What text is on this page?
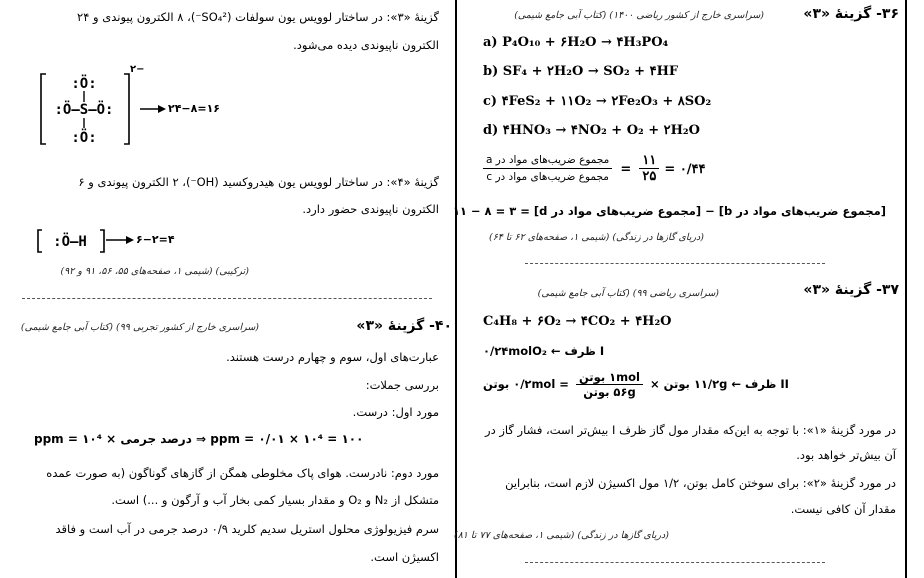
۳۶- گزینهٔ «۳»
(سراسری خارج از کشور ریاضی ۱۴۰۰) (کتاب آبی جامع شیمی)
a) P₄O₁₀ + ۶H₂O → ۴H₃PO₄
b) SF₄ + ۲H₂O → SO₂ + ۴HF
c) ۴FeS₂ + ۱۱O₂ → ۲Fe₂O₃ + ۸SO₂
d) ۴HNO₃ → ۴NO₂ + O₂ + ۲H₂O
$\frac{\text{مجموع ضریب‌های مواد در a}}{\text{مجموع ضریب‌های مواد در c}} = \frac{۱۱}{۲۵}$ = ۰/۴۴
[مجموع ضریب‌های مواد در b] − [مجموع ضریب‌های مواد در d] = ۱۱ − ۸ = ۳
(دریای گازها در زندگی) (شیمی ۱، صفحه‌های ۶۲ تا ۶۴)
۳۷- گزینهٔ «۳»
(سراسری ریاضی ۹۹) (کتاب آبی جامع شیمی)
C₄H₈ + ۶O₂ → ۴CO₂ + ۴H₂O
I ظرف ← ۰/۲۴molO₂
II ظرف ← ۱۱/۲g بوتن ×
$\frac{\text{۱mol بوتن}}{\text{۵۶g بوتن}}$
= ۰/۲mol بوتن
در مورد گزینهٔ «۱»: با توجه به این‌که مقدار مول گاز ظرف I بیش‌تر است، فشار گاز در
آن بیش‌تر خواهد بود.
در مورد گزینهٔ «۲»: برای سوختن کامل بوتن، ۱/۲ مول اکسیژن لازم است، بنابراین
مقدار آن کافی نیست.
(دریای گازها در زندگی) (شیمی ۱، صفحه‌های ۷۷ تا ۸۱)
گزینهٔ «۳»: در ساختار لوویس یون سولفات (SO₄²⁻)، ۸ الکترون پیوندی و ۲۴
الکترون ناپیوندی دیده می‌شود.
:Ö:
:Ö–S–Ö:
:Ö:
۲−
۲۴−۸=۱۶
گزینهٔ «۴»: در ساختار لوویس یون هیدروکسید (OH⁻)، ۲ الکترون پیوندی و ۶
الکترون ناپیوندی حضور دارد.
:Ö–H	۶−۲=۴
(ترکیبی) (شیمی ۱، صفحه‌های ۵۵، ۵۶، ۹۱ و ۹۲)
۴۰- گزینهٔ «۳»
(سراسری خارج از کشور تجربی ۹۹) (کتاب آبی جامع شیمی)
عبارت‌های اول، سوم و چهارم درست هستند.
بررسی جملات:
مورد اول: درست.
ppm = درصد جرمی × ۱۰⁴ ⇒ ppm = ۰/۰۱ × ۱۰⁴ = ۱۰۰
مورد دوم: نادرست. هوای پاک مخلوطی همگن از گازهای گوناگون (به صورت عمده
متشکل از N₂ و O₂ و مقدار بسیار کمی بخار آب و آرگون و ...) است.
سرم فیزیولوژی محلول استریل سدیم کلرید ۰/۹ درصد جرمی در آب است و فاقد
اکسیژن است.
